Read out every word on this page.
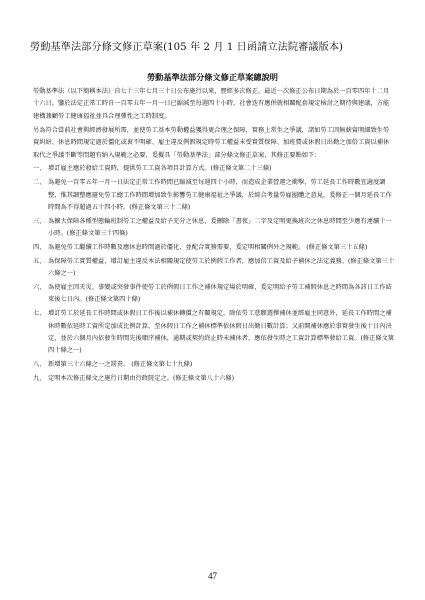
勞動基準法部分條文修正草案(105 年 2 月 1 日函請立法院審議版本)
勞動基準法部分條文修正草案總說明

勞動基準法（以下簡稱本法）自七十三年七月三十日公布施行以來，歷經多次修正，最近一次修正公布日期為於一百零四年十二月十六日。鑒於法定正常工時自一百零五年一月一日已縮減至每週四十小時，社會迭有應併就相關配套規定檢討之期待與建議，方能建構兼顧勞工健康福祉並具合理彈性之工時制度。

另為符合當前社會與經濟發展所需，並使勞工基本勞動權益獲得更合理之保障，實務上常生之爭議，諸如勞工因無薪資明細致生勞資糾紛、休息時間規定過於僵化或裏不明確、雇主違反例假規定時勞工權益未受實質保障、加班費或休假日出勤之加倍工資以補休取代之爭議不斷等問題有納入規範之必要，爰擬具「勞動基準法」部分條文修正草案，其修正要點如下：

一、 增訂雇主應於發給工資時，提供勞工工資各項目計算方式。(修正條文第二十三條)
二、 為避免一百零五年一月一日法定正常工作時間已縮減至每週四十小時，而造成企業營運之衝擊，勞工延長工作時數宜適度調整，惟其調整應避免勞工總工作時間增加致生影響勞工健康福祉之爭議，於綜合考量勞雇團體之意見，爰修正一個月延長工作時間為不得超過五十四小時。(修正條文第三十二條)
三、 為擴大保障各種型態輪班制勞工之權益及給予充分之休息，爰刪除「書夜」二字及定明更換班次之休息時間至少應有連續十一小時。(修正條文第三十四條)
四、 為避免勞工繼續工作時數及應休息時間過於僵化，並配合實務需要，爰定明相關例外之規範。 (修正條文第三十五條)
五、 為保障勞工實質權益，增訂雇主違反本法相關規定使勞工於例假工作者，應加倍工資及給予補休之法定義務。(修正條文第三十六條之一)
六、 為使雇主因天災、事變或突發事件使勞工於例假日工作之補休規定場於明確，爰定明給予勞工補假休息之時間為各該日工作結束後七日內。(修正條文第四十條)
七、 增訂勞工於延長工作時間或休假日工作後以補休轉償之有關規定，除依勞工意願選擇補休並經雇主同意外，延長工作時間之補休時數依延時工資所定加成比例計算，至休假日工作之補休標準依休假日出勤日數計算；又前開補休應於事實發生後十日內決定，並於六個月內依發生時間先後順序補休，逾期或契約終止時未補休者，應依發生時之工資計算標準發給工資。(修正條文第四十條之一)
八、 新增第三十六條之一之罰責。 (修正條文第七十九條)
九、 定明本次修正條文之施行日期由行政院定之。(修正條文第八十六條)
47
